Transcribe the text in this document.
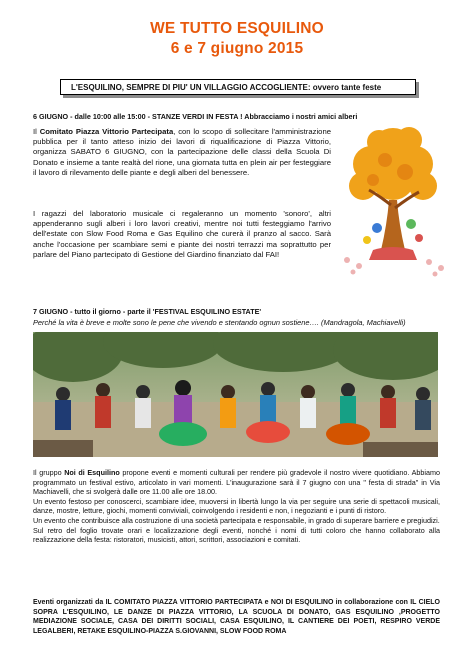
WE TUTTO ESQUILINO
6 e 7 giugno 2015
L'ESQUILINO, SEMPRE DI PIU' UN VILLAGGIO ACCOGLIENTE: ovvero tante feste
6 GIUGNO - dalle 10:00 alle 15:00 - STANZE VERDI IN FESTA ! Abbracciamo i nostri amici alberi
Il Comitato Piazza Vittorio Partecipata, con lo scopo di sollecitare l'amministrazione pubblica per il tanto atteso inizio dei lavori di riqualificazione di Piazza Vittorio, organizza SABATO 6 GIUGNO, con la partecipazione delle classi della Scuola Di Donato e insieme a tante realtà del rione, una giornata tutta en plein air per festeggiare il lavoro di rilevamento delle piante e degli alberi del benessere.
I ragazzi del laboratorio musicale ci regaleranno un momento 'sonoro', altri appenderanno sugli alberi i loro lavori creativi, mentre noi tutti festeggiamo l'arrivo dell'estate con Slow Food Roma e Gas Equilino che curerà il pranzo al sacco. Sarà anche l'occasione per scambiare semi e piante dei nostri terrazzi ma soprattutto per parlare del Piano partecipato di Gestione del Giardino finanziato dal FAI!
7 GIUGNO - tutto il giorno - parte il 'FESTIVAL ESQUILINO ESTATE'
Perché la vita è breve e molte sono le pene che vivendo e stentando ognun sostiene…. (Mandragola, Machiavelli)

Il gruppo Noi di Esquilino propone eventi e momenti culturali per rendere più gradevole il nostro vivere quotidiano. Abbiamo programmato un festival estivo, articolato in vari momenti. L'inaugurazione sarà il 7 giugno con una " festa di strada" in Via Machiavelli, che si svolgerà dalle ore 11.00 alle ore 18.00.

Un evento festoso per conoscerci, scambiare idee, muoversi in libertà lungo la via per seguire una serie di spettacoli musicali, danze, mostre, letture, giochi, momenti conviviali, coinvolgendo i residenti e non, i negozianti e i punti di ristoro.

Un evento che contribuisce alla costruzione di una società partecipata e responsabile, in grado di superare barriere e pregiudizi.

Sul retro del foglio trovate orari e localizzazione degli eventi, nonché i nomi di tutti coloro che hanno collaborato alla realizzazione della festa: ristoratori, musicisti, attori, scrittori, associazioni e comitati.

Eventi organizzati da IL COMITATO PIAZZA VITTORIO PARTECIPATA e NOI DI ESQUILINO in collaborazione con IL CIELO SOPRA L'ESQUILINO, LE DANZE DI PIAZZA VITTORIO, LA SCUOLA DI DONATO, GAS ESQUILINO ,PROGETTO MEDIAZIONE SOCIALE, CASA DEI DIRITTI SOCIALI, CASA ESQUILINO, IL CANTIERE DEI POETI, RESPIRO VERDE LEGALBERI, RETAKE ESQUILINO-PIAZZA S.GIOVANNI, SLOW FOOD ROMA
